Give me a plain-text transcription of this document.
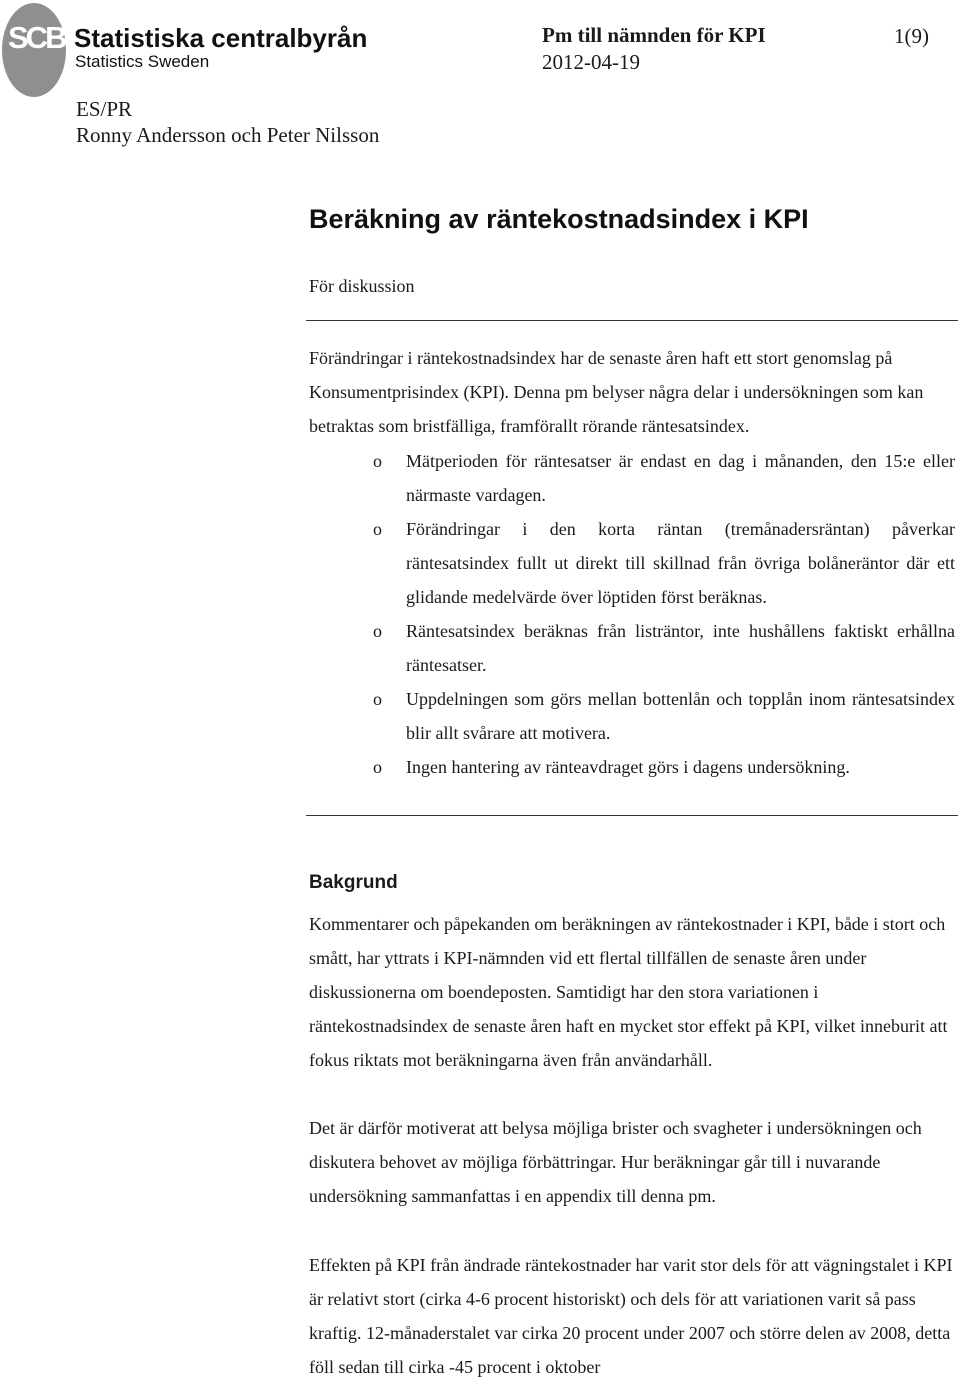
SCB Statistiska centralbyrån
Statistics Sweden
Pm till nämnden för KPI
2012-04-19
1(9)
ES/PR
Ronny Andersson och Peter Nilsson
Beräkning av räntekostnadsindex i KPI
För diskussion

Förändringar i räntekostnadsindex har de senaste åren haft ett stort genomslag på Konsumentprisindex (KPI). Denna pm belyser några delar i undersökningen som kan betraktas som bristfälliga, framförallt rörande räntesatsindex.

o Mätperioden för räntesatser är endast en dag i månanden, den 15:e eller närmaste vardagen.
o Förändringar i den korta räntan (tremånadersräntan) påverkar räntesatsindex fullt ut direkt till skillnad från övriga bolåneräntor där ett glidande medelvärde över löptiden först beräknas.
o Räntesatsindex beräknas från listräntor, inte hushållens faktiskt erhållna räntesatser.
o Uppdelningen som görs mellan bottenlån och topplån inom räntesatsindex blir allt svårare att motivera.
o Ingen hantering av ränteavdraget görs i dagens undersökning.
Bakgrund

Kommentarer och påpekanden om beräkningen av räntekostnader i KPI, både i stort och smått, har yttrats i KPI-nämnden vid ett flertal tillfällen de senaste åren under diskussionerna om boendeposten. Samtidigt har den stora variationen i räntekostnadsindex de senaste åren haft en mycket stor effekt på KPI, vilket inneburit att fokus riktats mot beräkningarna även från användarhåll.

Det är därför motiverat att belysa möjliga brister och svagheter i undersökningen och diskutera behovet av möjliga förbättringar. Hur beräkningar går till i nuvarande undersökning sammanfattas i en appendix till denna pm.

Effekten på KPI från ändrade räntekostnader har varit stor dels för att vägningstalet i KPI är relativt stort (cirka 4-6 procent historiskt) och dels för att variationen varit så pass kraftig. 12-månaderstalet var cirka 20 procent under 2007 och större delen av 2008, detta föll sedan till cirka -45 procent i oktober
